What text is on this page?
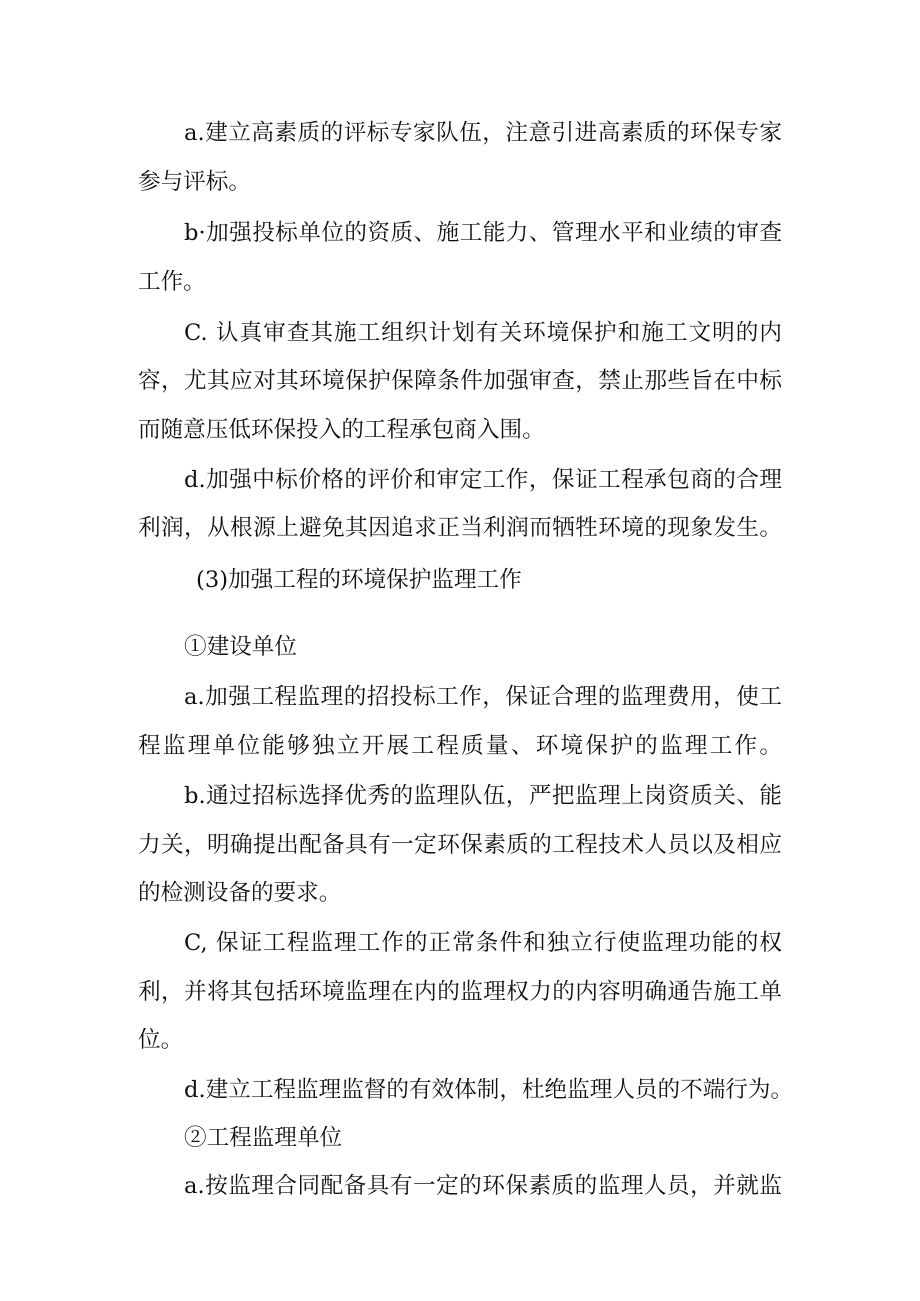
a.建立高素质的评标专家队伍，注意引进高素质的环保专家
参与评标。
b·加强投标单位的资质、施工能力、管理水平和业绩的审查
工作。
C. 认真审查其施工组织计划有关环境保护和施工文明的内
容，尤其应对其环境保护保障条件加强审查，禁止那些旨在中标
而随意压低环保投入的工程承包商入围。
d.加强中标价格的评价和审定工作，保证工程承包商的合理
利润，从根源上避免其因追求正当利润而牺牲环境的现象发生。
(3)加强工程的环境保护监理工作
①建设单位
a.加强工程监理的招投标工作，保证合理的监理费用，使工
程监理单位能够独立开展工程质量、环境保护的监理工作。
b.通过招标选择优秀的监理队伍，严把监理上岗资质关、能
力关，明确提出配备具有一定环保素质的工程技术人员以及相应
的检测设备的要求。
C, 保证工程监理工作的正常条件和独立行使监理功能的权
利，并将其包括环境监理在内的监理权力的内容明确通告施工单
位。
d.建立工程监理监督的有效体制，杜绝监理人员的不端行为。
②工程监理单位
a.按监理合同配备具有一定的环保素质的监理人员，并就监
